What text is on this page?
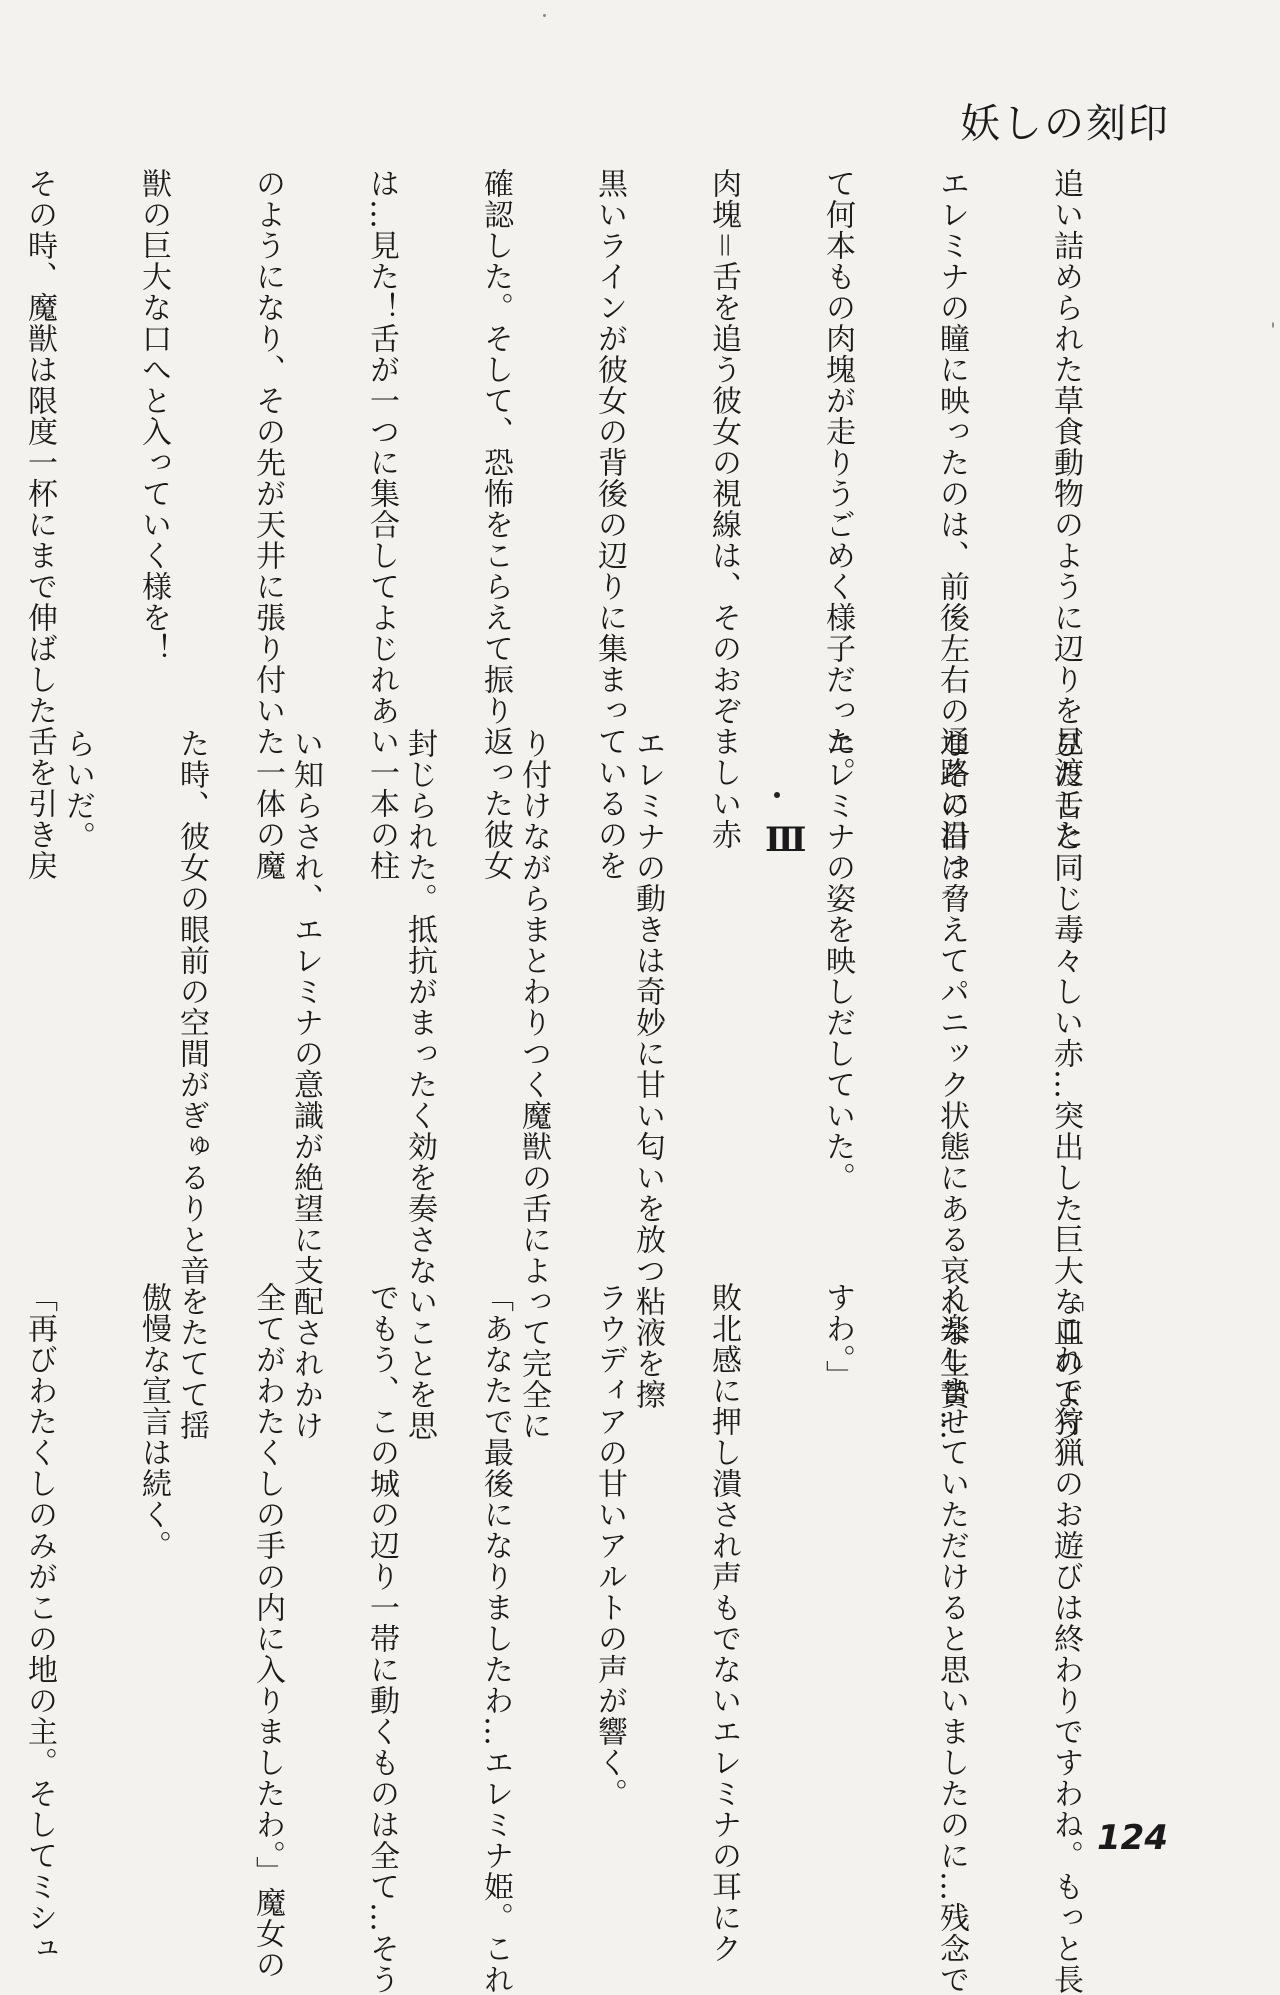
妖しの刻印

追い詰められた草食動物のように辺りを見渡した

エレミナの瞳に映ったのは、前後左右の通路に沿っ

て何本もの肉塊が走りうごめく様子だった。

肉塊＝舌を追う彼女の視線は、そのおぞましい赤

黒いラインが彼女の背後の辺りに集まっているのを

確認した。そして、恐怖をこらえて振り返った彼女

は…見た！舌が一つに集合してよじれあい一本の柱

のようになり、その先が天井に張り付いた一体の魔

獣の巨大な口へと入っていく様を！

その時、魔獣は限度一杯にまで伸ばした舌を引き戻

	Ⅲ

	びた舌と同じ毒々しい赤…突出した巨大な皿のよう

なその目は脅えてパニック状態にある哀れな生贄…

エレミナの姿を映しだしていた。

エレミナの動きは奇妙に甘い匂いを放つ粘液を擦

り付けながらまとわりつく魔獣の舌によって完全に

封じられた。抵抗がまったく効を奏さないことを思

い知らされ、エレミナの意識が絶望に支配されかけ

た時、彼女の眼前の空間がぎゅるりと音をたてて揺

らいだ。

「これで狩猟のお遊びは終わりですわね。もっと長

く楽しませていただけると思いましたのに…残念で

すわ。」

敗北感に押し潰され声もでないエレミナの耳にク

ラウディアの甘いアルトの声が響く。

「あなたで最後になりましたわ…エレミナ姫。これ

でもう、この城の辺り一帯に動くものは全て…そう

全てがわたくしの手の内に入りましたわ。」魔女の

傲慢な宣言は続く。

「再びわたくしのみがこの地の主。そしてミシュ

	124
